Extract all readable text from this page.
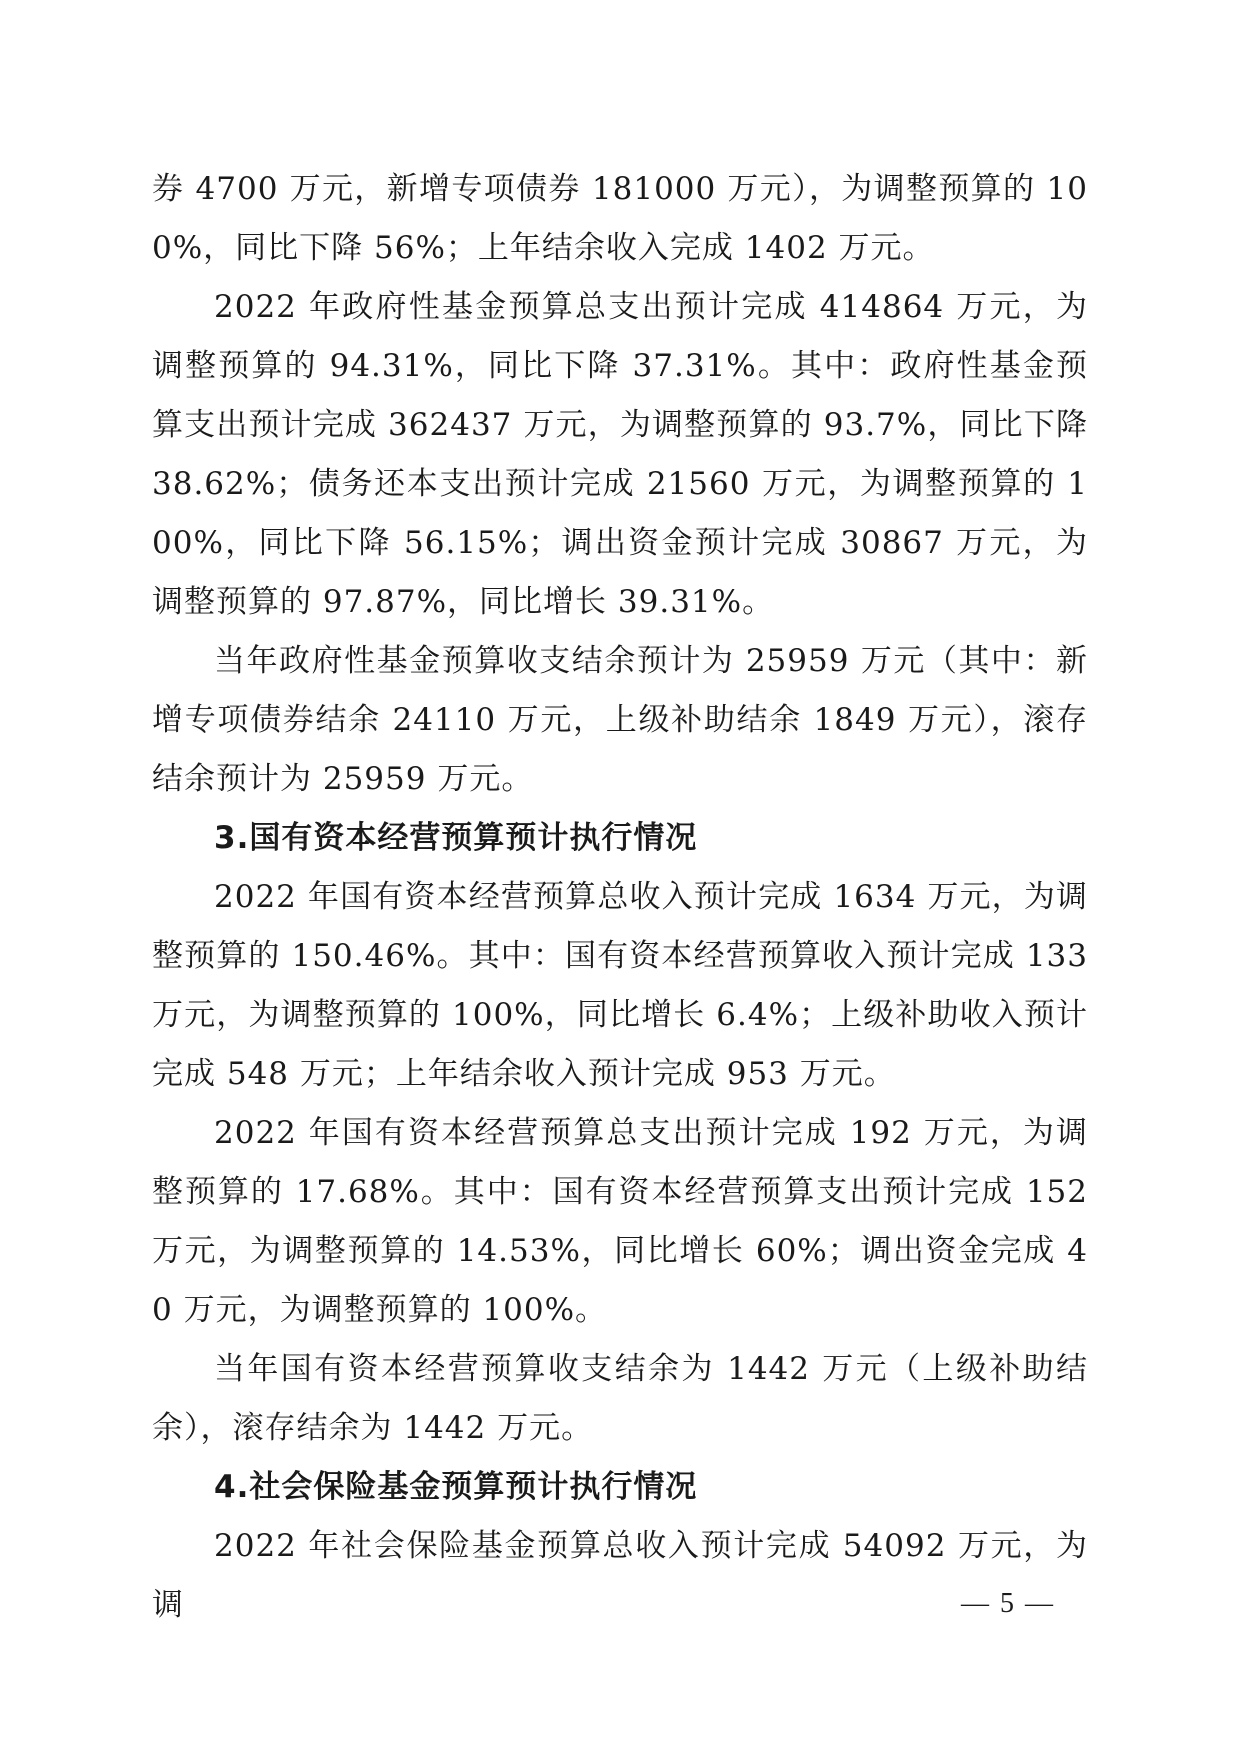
券 4700 万元，新增专项债券 181000 万元），为调整预算的 100%，同比下降 56%；上年结余收入完成 1402 万元。

2022 年政府性基金预算总支出预计完成 414864 万元，为调整预算的 94.31%，同比下降 37.31%。其中：政府性基金预算支出预计完成 362437 万元，为调整预算的 93.7%，同比下降 38.62%；债务还本支出预计完成 21560 万元，为调整预算的 100%，同比下降 56.15%；调出资金预计完成 30867 万元，为调整预算的 97.87%，同比增长 39.31%。

当年政府性基金预算收支结余预计为 25959 万元（其中：新增专项债券结余 24110 万元，上级补助结余 1849 万元），滚存结余预计为 25959 万元。

3.国有资本经营预算预计执行情况

2022 年国有资本经营预算总收入预计完成 1634 万元，为调整预算的 150.46%。其中：国有资本经营预算收入预计完成 133 万元，为调整预算的 100%，同比增长 6.4%；上级补助收入预计完成 548 万元；上年结余收入预计完成 953 万元。

2022 年国有资本经营预算总支出预计完成 192 万元，为调整预算的 17.68%。其中：国有资本经营预算支出预计完成 152 万元，为调整预算的 14.53%，同比增长 60%；调出资金完成 40 万元，为调整预算的 100%。

当年国有资本经营预算收支结余为 1442 万元（上级补助结余），滚存结余为 1442 万元。

4.社会保险基金预算预计执行情况

2022 年社会保险基金预算总收入预计完成 54092 万元，为调	— 5 —
